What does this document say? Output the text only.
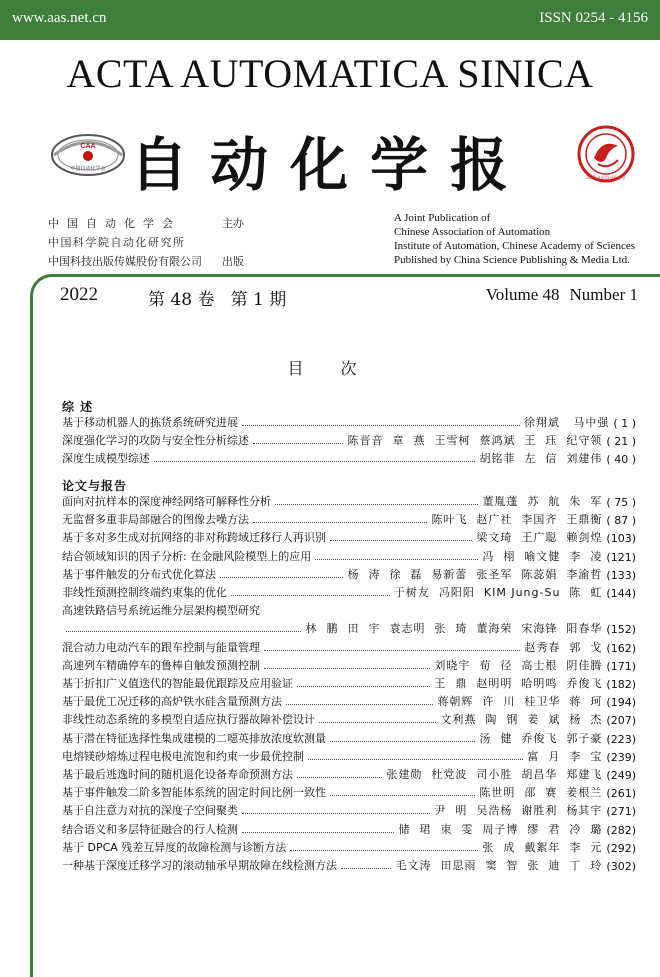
www.aas.net.cn	ISSN 0254 - 4156
ACTA AUTOMATICA SINICA
CAA
中国自动化学会 自动化学报	2021·中国自动化学会
中国自动化学会	主办
中国科学院自动化研究所
中国科技出版传媒股份有限公司 出版
A Joint Publication of
Chinese Association of Automation
Institute of Automation, Chinese Academy of Sciences
Published by China Science Publishing & Media Ltd.
2022	第 48 卷   第 1 期	Volume 48 Number 1
目 次
综 述
基于移动机器人的拣货系统研究进展	徐翔斌   马中强 ( 1 )
深度强化学习的攻防与安全性分析综述	陈晋音  章  燕  王雪柯  蔡鸿斌  王  珏  纪守领 ( 21 )
深度生成模型综述	胡铭菲  左  信  刘建伟 ( 40 )
论文与报告
面向对抗样本的深度神经网络可解释性分析	董胤蓬  苏  航  朱  军 ( 75 )
无监督多重非局部融合的图像去噪方法	陈叶飞  赵广社  李国齐  王鼎衡 ( 87 )
基于多对多生成对抗网络的非对称跨域迁移行人再识别	梁文琦  王广聪  赖剑煌 (103)
结合领域知识的因子分析: 在金融风险模型上的应用	冯  栩  喻文健  李  凌 (121)
基于事件触发的分布式优化算法	杨  涛  徐  磊  易新蕾  张圣军  陈蕊娟  李渝哲 (133)
非线性预测控制终端约束集的优化	于树友  冯阳阳  KIM Jung-Su  陈  虹 (144)
高速铁路信号系统运维分层架构模型研究
林  鹏  田  宇  袁志明  张  琦  董海荣  宋海锋  阳春华 (152)
混合动力电动汽车的跟车控制与能量管理	赵秀春  郭  戈 (162)
高速列车精确停车的鲁棒自触发预测控制	刘晓宇  荀  径  高士根  阴佳腾 (171)
基于折扣广义值迭代的智能最优跟踪及应用验证	王  鼎  赵明明  哈明鸣  乔俊飞 (182)
基于最优工况迁移的高炉铁水硅含量预测方法	蒋朝辉  许  川  桂卫华  蒋  珂 (194)
非线性动态系统的多模型自适应执行器故障补偿设计	文利燕  陶  钢  姜  斌  杨  杰 (207)
基于潜在特征选择性集成建模的二噁英排放浓度软测量	汤  健  乔俊飞  郭子豪 (223)
电熔镁砂熔炼过程电极电流饱和约束一步最优控制	富  月  李  宝 (239)
基于最后逃逸时间的随机退化设备寿命预测方法	张建勋  杜党波  司小胜  胡昌华  郑建飞 (249)
基于事件触发二阶多智能体系统的固定时间比例一致性	陈世明  邵  赛  姜根兰 (261)
基于自注意力对抗的深度子空间聚类	尹  明  吴浩杨  谢胜利  杨其宇 (271)
结合语义和多层特征融合的行人检测	储  珺  束  雯  周子博  缪  君  冷  璐 (282)
基于 DPCA 残差互异度的故障检测与诊断方法	张  成  戴絮年  李  元 (292)
一种基于深度迁移学习的滚动轴承早期故障在线检测方法	毛文涛  田思雨  窦  智  张  迪  丁  玲 (302)
